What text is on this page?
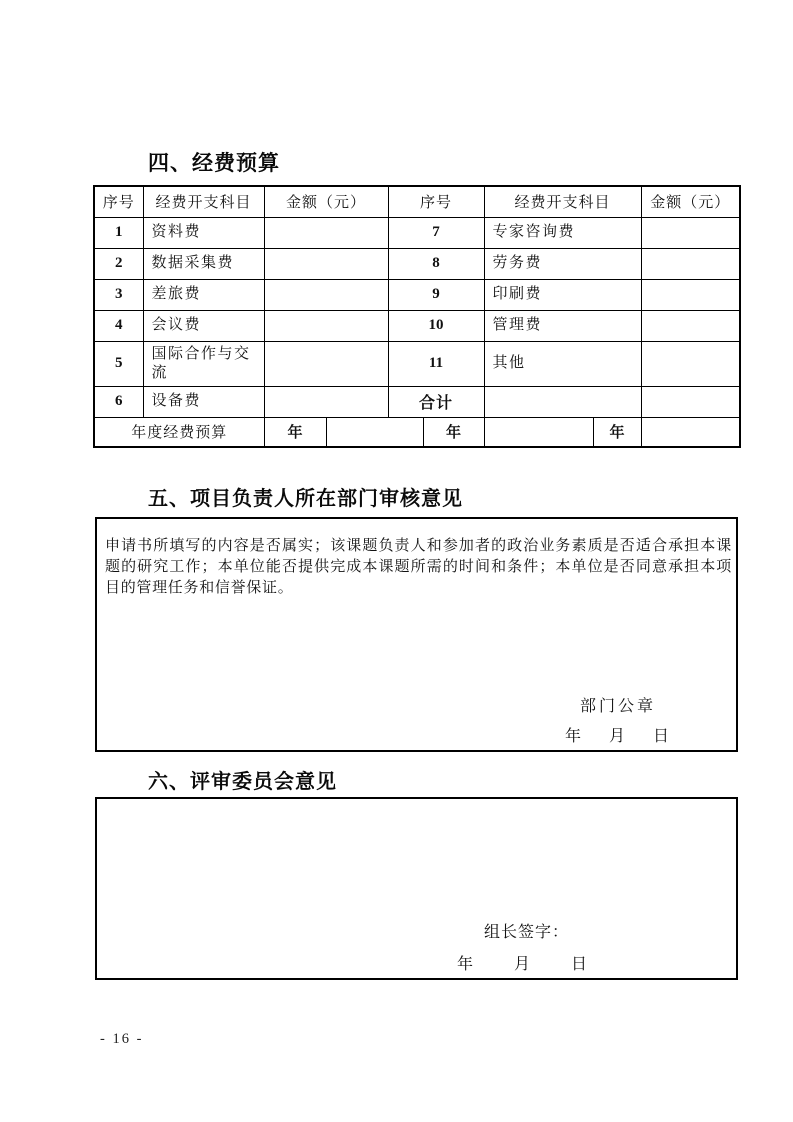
四、经费预算
序号	经费开支科目	金额（元）		序号		经费开支科目		金额（元）
1	资料费			7		专家咨询费		
2	数据采集费			8		劳务费		
3	差旅费			9		印刷费		
4	会议费			10		管理费		
5	国际合作与交流			11		其他		
6	设备费			合计				
年度经费预算		年			年		年	
五、项目负责人所在部门审核意见
申请书所填写的内容是否属实；该课题负责人和参加者的政治业务素质是否适合承担本课题的研究工作；本单位能否提供完成本课题所需的时间和条件；本单位是否同意承担本项目的管理任务和信誉保证。
部门公章
年 月 日
六、评审委员会意见
组长签字：
年	月	日
- 16 -
